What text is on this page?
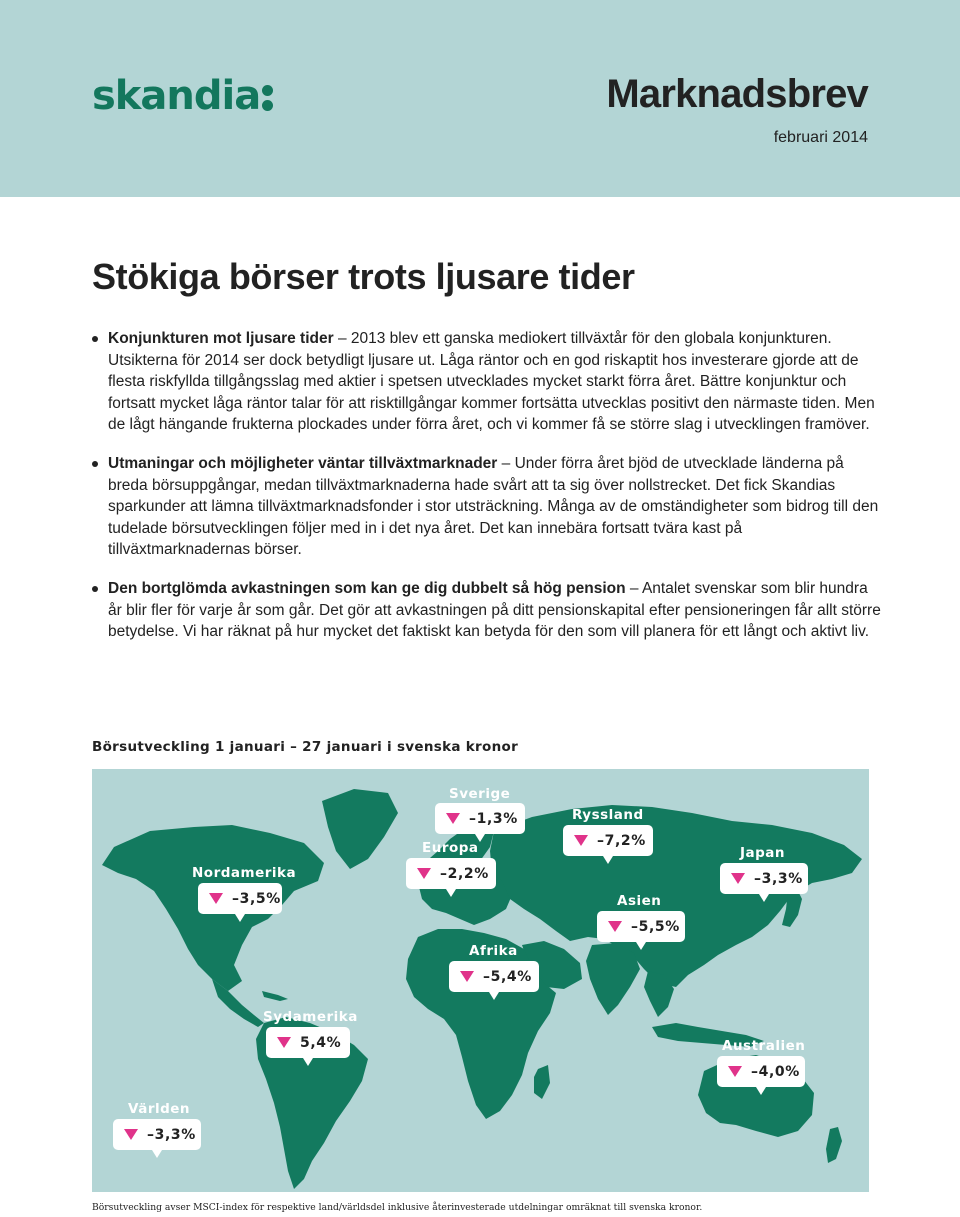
skandia	Marknadsbrev
februari 2014
Stökiga börser trots ljusare tider
Konjunkturen mot ljusare tider – 2013 blev ett ganska mediokert tillväxtår för den globala konjunkturen. Utsikterna för 2014 ser dock betydligt ljusare ut. Låga räntor och en god riskaptit hos investerare gjorde att de flesta riskfyllda tillgångsslag med aktier i spetsen utvecklades mycket starkt förra året. Bättre konjunktur och fortsatt mycket låga räntor talar för att risktillgångar kommer fortsätta utvecklas positivt den närmaste tiden. Men de lågt hängande frukterna plockades under förra året, och vi kommer få se större slag i utvecklingen framöver.
Utmaningar och möjligheter väntar tillväxtmarknader – Under förra året bjöd de utvecklade länderna på breda börsuppgångar, medan tillväxtmarknaderna hade svårt att ta sig över nollstrecket. Det fick Skandias sparkunder att lämna tillväxtmarknadsfonder i stor utsträckning. Många av de omständigheter som bidrog till den tudelade börsutvecklingen följer med in i det nya året. Det kan innebära fortsatt tvära kast på tillväxtmarknadernas börser.
Den bortglömda avkastningen som kan ge dig dubbelt så hög pension – Antalet svenskar som blir hundra år blir fler för varje år som går. Det gör att avkastningen på ditt pensionskapital efter pensioneringen får allt större betydelse. Vi har räknat på hur mycket det faktiskt kan betyda för den som vill planera för ett långt och aktivt liv.
Börsutveckling 1 januari – 27 januari i svenska kronor
Sverige
–1,3%	Ryssland
–7,2%
Europa
–2,2%
Japan
–3,3%
Nordamerika
–3,5%	Asien
–5,5%
Afrika
–5,4%
Sydamerika
5,4%	Australien
–4,0%
Världen
–3,3%
Börsutveckling avser MSCI-index för respektive land/världsdel inklusive återinvesterade utdelningar omräknat till svenska kronor.
